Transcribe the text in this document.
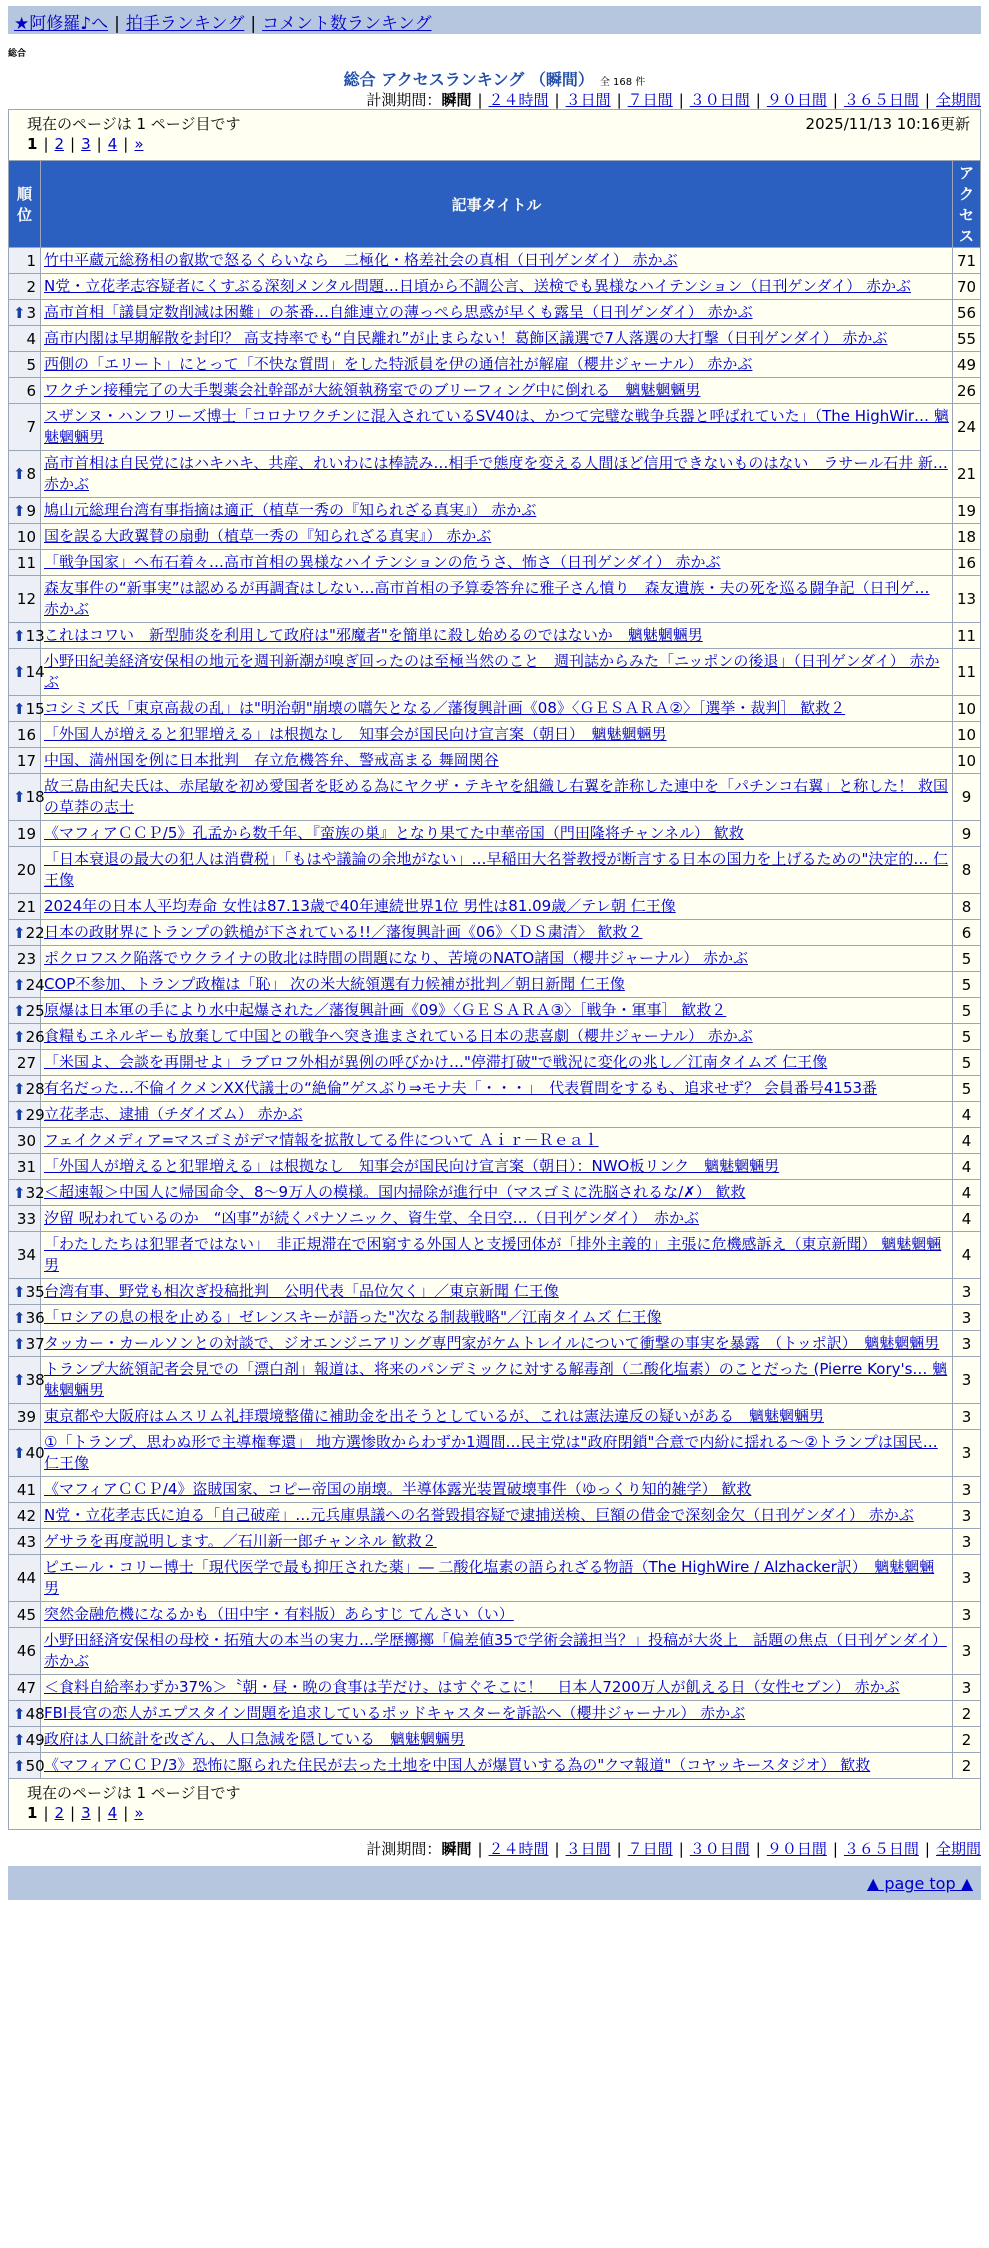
★阿修羅♪へ | 拍手ランキング | コメント数ランキング
総合
総合 アクセスランキング （瞬間） 全 168 件
計測期間：瞬間 | ２４時間 | ３日間 | ７日間 | ３０日間 | ９０日間 | ３６５日間 | 全期間
現在のページは 1 ページ目です 2025/11/13 10:16更新
1 | 2 | 3 | 4 | »		

順位	記事タイトル	アクセス
1	竹中平蔵元総務相の叡欺で怒るくらいなら　二極化・格差社会の真相（日刊ゲンダイ） 赤かぶ	71
2	N党・立花孝志容疑者にくすぶる深刻メンタル問題…日頃から不調公言、送検でも異様なハイテンション（日刊ゲンダイ） 赤かぶ	70

⬆ 3	高市首相「議員定数削減は困難」の茶番…自維連立の薄っぺら思惑が早くも露呈（日刊ゲンダイ） 赤かぶ	56
4	高市内閣は早期解散を封印？ 高支持率でも“自民離れ”が止まらない！葛飾区議選で7人落選の大打撃（日刊ゲンダイ） 赤かぶ	55
5	西側の「エリート」にとって「不快な質問」をした特派員を伊の通信社が解雇（櫻井ジャーナル） 赤かぶ	49
6	ワクチン接種完了の大手製薬会社幹部が大統領執務室でのブリーフィング中に倒れる　魑魅魍魎男	26
7	スザンヌ・ハンフリーズ博士「コロナワクチンに混入されているSV40は、かつて完璧な戦争兵器と呼ばれていた」（The HighWir… 魑魅魍魎男	24

⬆ 8	高市首相は自民党にはハキハキ、共産、れいわには棒読み…相手で態度を変える人間ほど信用できないものはない　ラサール石井 新… 赤かぶ	21

⬆ 9	鳩山元総理台湾有事指摘は適正（植草一秀の『知られざる真実』） 赤かぶ	19
10	国を誤る大政翼賛の扇動（植草一秀の『知られざる真実』） 赤かぶ	18
11	「戦争国家」へ布石着々…高市首相の異様なハイテンションの危うさ、怖さ（日刊ゲンダイ） 赤かぶ	16
12	森友事件の“新事実”は認めるが再調査はしない…高市首相の予算委答弁に雅子さん憤り　森友遺族・夫の死を巡る闘争記（日刊ゲ… 赤かぶ	13

⬆ 13	これはコワい　新型肺炎を利用して政府は"邪魔者"を簡単に殺し始めるのではないか　魑魅魍魎男	11

⬆ 14	小野田紀美経済安保相の地元を週刊新潮が嗅ぎ回ったのは至極当然のこと　週刊誌からみた「ニッポンの後退」（日刊ゲンダイ） 赤かぶ	11

⬆ 15	コシミズ氏「東京高裁の乱」は"明治朝"崩壊の嚆矢となる／藩復興計画《08》〈ＧＥＳＡＲＡ②〉［選挙・裁判］ 歓救２	10
16	「外国人が増えると犯罪増える」は根拠なし　知事会が国民向け宣言案（朝日）　魑魅魍魎男	10
17	中国、満州国を例に日本批判　存立危機答弁、警戒高まる 舞岡関谷	10

⬆ 18	故三島由紀夫氏は、赤尾敏を初め愛国者を貶める為にヤクザ・テキヤを組織し右翼を詐称した連中を「パチンコ右翼」と称した！ 救国の草莽の志士	9
19	《マフィアＣＣＰ/5》孔孟から数千年、『蛮族の巣』となり果てた中華帝国（門田隆将チャンネル） 歓救	9
20	「日本衰退の最大の犯人は消費税」「もはや議論の余地がない」…早稲田大名誉教授が断言する日本の国力を上げるための"決定的… 仁王像	8
21	2024年の日本人平均寿命 女性は87.13歳で40年連続世界1位 男性は81.09歳／テレ朝 仁王像	8

⬆ 22	日本の政財界にトランプの鉄槌が下されている!!／藩復興計画《06》〈ＤＳ粛清〉 歓救２	6
23	ポクロフスク陥落でウクライナの敗北は時間の問題になり、苦境のNATO諸国（櫻井ジャーナル） 赤かぶ	5

⬆ 24	COP不参加、トランプ政権は「恥」 次の米大統領選有力候補が批判／朝日新聞 仁王像	5

⬆ 25	原爆は日本軍の手により水中起爆された／藩復興計画《09》〈ＧＥＳＡＲＡ③〉［戦争・軍事］ 歓救２	5

⬆ 26	食糧もエネルギーも放棄して中国との戦争へ突き進まされている日本の悲喜劇（櫻井ジャーナル） 赤かぶ	5
27	「米国よ、会談を再開せよ」ラブロフ外相が異例の呼びかけ…"停滞打破"で戦況に変化の兆し／江南タイムズ 仁王像	5

⬆ 28	有名だった…不倫イクメンXX代議士の“絶倫”ゲスぶり⇒モナ夫「・・・」　代表質問をするも、追求せず？ 会員番号4153番	5

⬆ 29	立花孝志、逮捕（チダイズム） 赤かぶ	4
30	フェイクメディア=マスゴミがデマ情報を拡散してる件について Ａｉｒ－Ｒｅａｌ	4
31	「外国人が増えると犯罪増える」は根拠なし　知事会が国民向け宣言案（朝日）：NWO板リンク　魑魅魍魎男	4

⬆ 32	＜超速報＞中国人に帰国命令、8〜9万人の模様。国内掃除が進行中（マスゴミに洗脳されるな/✗） 歓救	4
33	汐留 呪われているのか　“凶事”が続くパナソニック、資生堂、全日空…（日刊ゲンダイ）　赤かぶ	4
34	「わたしたちは犯罪者ではない」　非正規滞在で困窮する外国人と支援団体が「排外主義的」主張に危機感訴え（東京新聞） 魑魅魍魎男	4

⬆ 35	台湾有事、野党も相次ぎ投稿批判　公明代表「品位欠く」／東京新聞 仁王像	3

⬆ 36	「ロシアの息の根を止める」ゼレンスキーが語った"次なる制裁戦略"／江南タイムズ 仁王像	3

⬆ 37	タッカー・カールソンとの対談で、ジオエンジニアリング専門家がケムトレイルについて衝撃の事実を暴露　（トッポ訳）　魑魅魍魎男	3

⬆ 38	トランプ大統領記者会見での「漂白剤」報道は、将来のパンデミックに対する解毒剤（二酸化塩素）のことだった (Pierre Kory's… 魑魅魍魎男	3
39	東京都や大阪府はムスリム礼拝環境整備に補助金を出そうとしているが、これは憲法違反の疑いがある　魑魅魍魎男	3

⬆ 40	①「トランプ、思わぬ形で主導権奪還」 地方選惨敗からわずか1週間…民主党は"政府閉鎖"合意で内紛に揺れる～②トランプは国民… 仁王像	3
41	《マフィアＣＣＰ/4》盗賊国家、コピー帝国の崩壊。半導体露光装置破壊事件（ゆっくり知的雑学） 歓救	3
42	N党・立花孝志氏に迫る「自己破産」…元兵庫県議への名誉毀損容疑で逮捕送検、巨額の借金で深刻金欠（日刊ゲンダイ） 赤かぶ	3
43	ゲサラを再度説明します。／石川新一郎チャンネル 歓救２	3
44	ピエール・コリー博士「現代医学で最も抑圧された薬」― 二酸化塩素の語られざる物語（The HighWire / Alzhacker訳）　魑魅魍魎男	3
45	突然金融危機になるかも（田中宇・有料版）あらすじ てんさい（い）	3
46	小野田経済安保相の母校・拓殖大の本当の実力…学歴擲擲「偏差値35で学術会議担当？」投稿が大炎上　話題の焦点（日刊ゲンダイ） 赤かぶ	3
47	＜食料自給率わずか37%＞〝朝・昼・晩の食事は芋だけ〟はすぐそこに！　日本人7200万人が飢える日（女性セブン） 赤かぶ	3

⬆ 48	FBI長官の恋人がエプスタイン問題を追求しているポッドキャスターを訴訟へ（櫻井ジャーナル） 赤かぶ	2

⬆ 49	政府は人口統計を改ざん、人口急減を隠している　魑魅魍魎男	2

⬆ 50	《マフィアＣＣＰ/3》恐怖に駆られた住民が去った土地を中国人が爆買いする為の"クマ報道"（コヤッキースタジオ） 歓救	2

現在のページは 1 ページ目です
1 | 2 | 3 | 4 | »		
計測期間：瞬間 | ２４時間 | ３日間 | ７日間 | ３０日間 | ９０日間 | ３６５日間 | 全期間
▲ page top ▲
